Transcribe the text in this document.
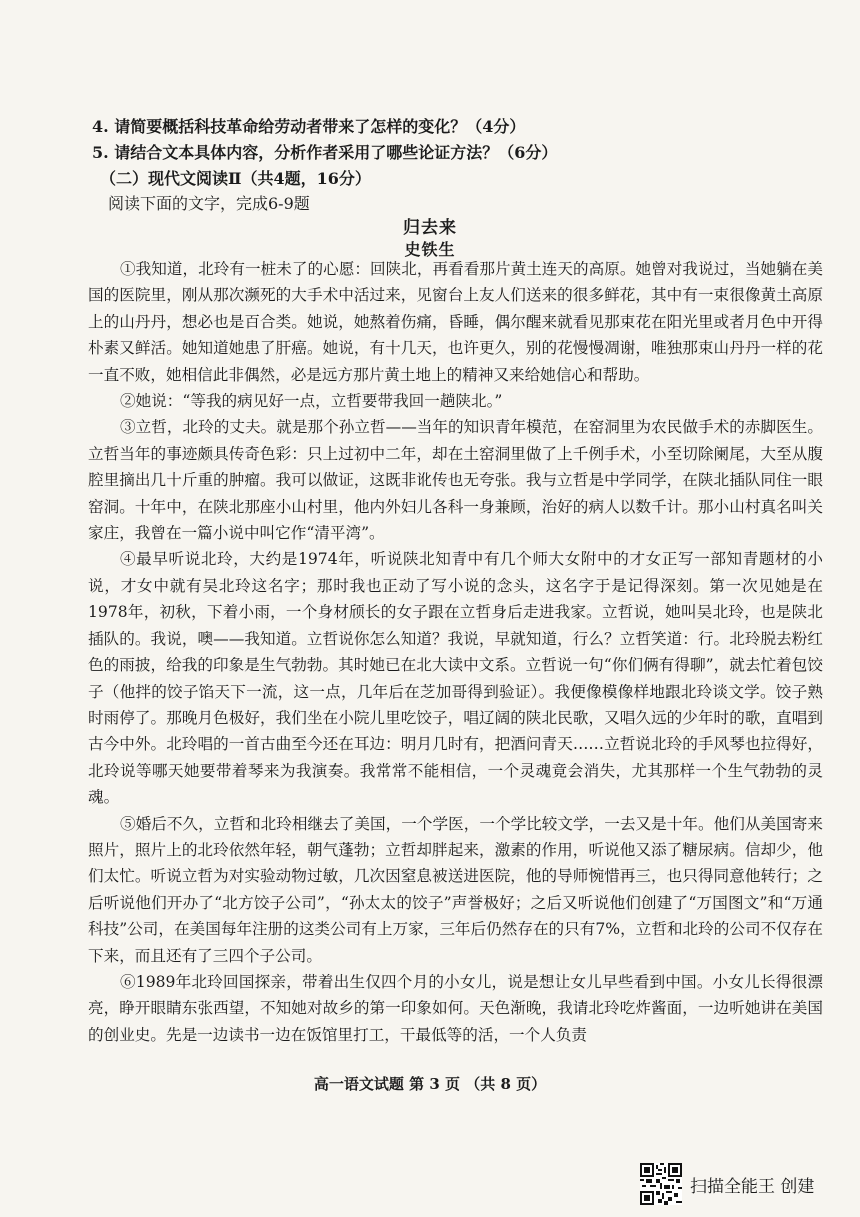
4. 请简要概括科技革命给劳动者带来了怎样的变化？（4分）
5. 请结合文本具体内容，分析作者采用了哪些论证方法？（6分）
（二）现代文阅读Ⅱ（共4题，16分）
阅读下面的文字，完成6-9题
归去来
史铁生

①我知道，北玲有一桩未了的心愿：回陕北，再看看那片黄土连天的高原。她曾对我说过，当她躺在美国的医院里，刚从那次濒死的大手术中活过来，见窗台上友人们送来的很多鲜花，其中有一束很像黄土高原上的山丹丹，想必也是百合类。她说，她熬着伤痛，昏睡，偶尔醒来就看见那束花在阳光里或者月色中开得朴素又鲜活。她知道她患了肝癌。她说，有十几天，也许更久，别的花慢慢凋谢，唯独那束山丹丹一样的花一直不败，她相信此非偶然，必是远方那片黄土地上的精神又来给她信心和帮助。

②她说：“等我的病见好一点，立哲要带我回一趟陕北。”

③立哲，北玲的丈夫。就是那个孙立哲——当年的知识青年模范，在窑洞里为农民做手术的赤脚医生。立哲当年的事迹颇具传奇色彩：只上过初中二年，却在土窑洞里做了上千例手术，小至切除阑尾，大至从腹腔里摘出几十斤重的肿瘤。我可以做证，这既非讹传也无夸张。我与立哲是中学同学，在陕北插队同住一眼窑洞。十年中，在陕北那座小山村里，他内外妇儿各科一身兼顾，治好的病人以数千计。那小山村真名叫关家庄，我曾在一篇小说中叫它作“清平湾”。

④最早听说北玲，大约是1974年，听说陕北知青中有几个师大女附中的才女正写一部知青题材的小说，才女中就有吴北玲这名字；那时我也正动了写小说的念头，这名字于是记得深刻。第一次见她是在1978年，初秋，下着小雨，一个身材颀长的女子跟在立哲身后走进我家。立哲说，她叫吴北玲，也是陕北插队的。我说，噢——我知道。立哲说你怎么知道？我说，早就知道，行么？立哲笑道：行。北玲脱去粉红色的雨披，给我的印象是生气勃勃。其时她已在北大读中文系。立哲说一句“你们俩有得聊”，就去忙着包饺子（他拌的饺子馅天下一流，这一点，几年后在芝加哥得到验证）。我便像模像样地跟北玲谈文学。饺子熟时雨停了。那晚月色极好，我们坐在小院儿里吃饺子，唱辽阔的陕北民歌，又唱久远的少年时的歌，直唱到古今中外。北玲唱的一首古曲至今还在耳边：明月几时有，把酒问青天……立哲说北玲的手风琴也拉得好，北玲说等哪天她要带着琴来为我演奏。我常常不能相信，一个灵魂竟会消失，尤其那样一个生气勃勃的灵魂。

⑤婚后不久，立哲和北玲相继去了美国，一个学医，一个学比较文学，一去又是十年。他们从美国寄来照片，照片上的北玲依然年轻，朝气蓬勃；立哲却胖起来，激素的作用，听说他又添了糖尿病。信却少，他们太忙。听说立哲为对实验动物过敏，几次因窒息被送进医院，他的导师惋惜再三，也只得同意他转行；之后听说他们开办了“北方饺子公司”，“孙太太的饺子”声誉极好；之后又听说他们创建了“万国图文”和“万通科技”公司，在美国每年注册的这类公司有上万家，三年后仍然存在的只有7%，立哲和北玲的公司不仅存在下来，而且还有了三四个子公司。

⑥1989年北玲回国探亲，带着出生仅四个月的小女儿，说是想让女儿早些看到中国。小女儿长得很漂亮，睁开眼睛东张西望，不知她对故乡的第一印象如何。天色渐晚，我请北玲吃炸酱面，一边听她讲在美国的创业史。先是一边读书一边在饭馆里打工，干最低等的活，一个人负责

高一语文试题 第 3 页 （共 8 页）
扫描全能王 创建
